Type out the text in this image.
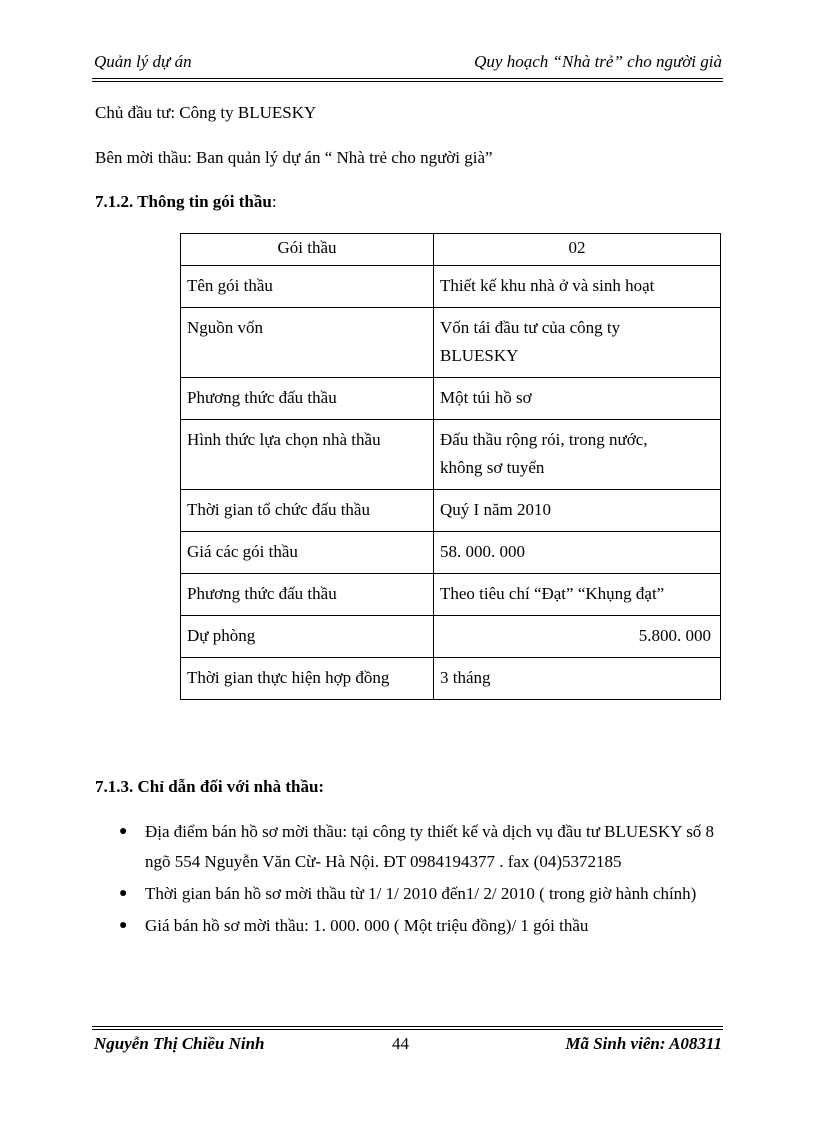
Quản lý dự án	Quy hoạch “Nhà trẻ” cho người già
Chủ đầu tư: Công ty BLUESKY
Bên mời thầu: Ban quản lý dự án “ Nhà trẻ cho người già”
7.1.2. Thông tin gói thầu:
Gói thầu	02
Tên gói thầu	Thiết kế khu nhà ở và sinh hoạt
Nguồn vốn	Vốn tái đầu tư của công ty
BLUESKY
Phương thức đấu thầu	Một túi hồ sơ
Hình thức lựa chọn nhà thầu	Đấu thầu rộng rói, trong nước,
không sơ tuyển
Thời gian tổ chức đấu thầu	Quý I năm 2010
Giá các gói thầu	58. 000. 000
Phương thức đấu thầu	Theo tiêu chí “Đạt” “Khụng đạt”
Dự phòng	5.800. 000
Thời gian thực hiện hợp đồng	3 tháng
7.1.3. Chỉ dẫn đối với nhà thầu:
● Địa điểm bán hồ sơ mời thầu: tại công ty thiết kế và dịch vụ đầu tư BLUESKY số 8 ngõ 554 Nguyễn Văn Cừ- Hà Nội. ĐT 0984194377 . fax (04)5372185
● Thời gian bán hồ sơ mời thầu từ 1/ 1/ 2010 đến1/ 2/ 2010 ( trong giờ hành chính)
● Giá bán hồ sơ mời thầu: 1. 000. 000 ( Một triệu đồng)/ 1 gói thầu
Nguyễn Thị Chiều Ninh	44	Mã Sinh viên: A08311
